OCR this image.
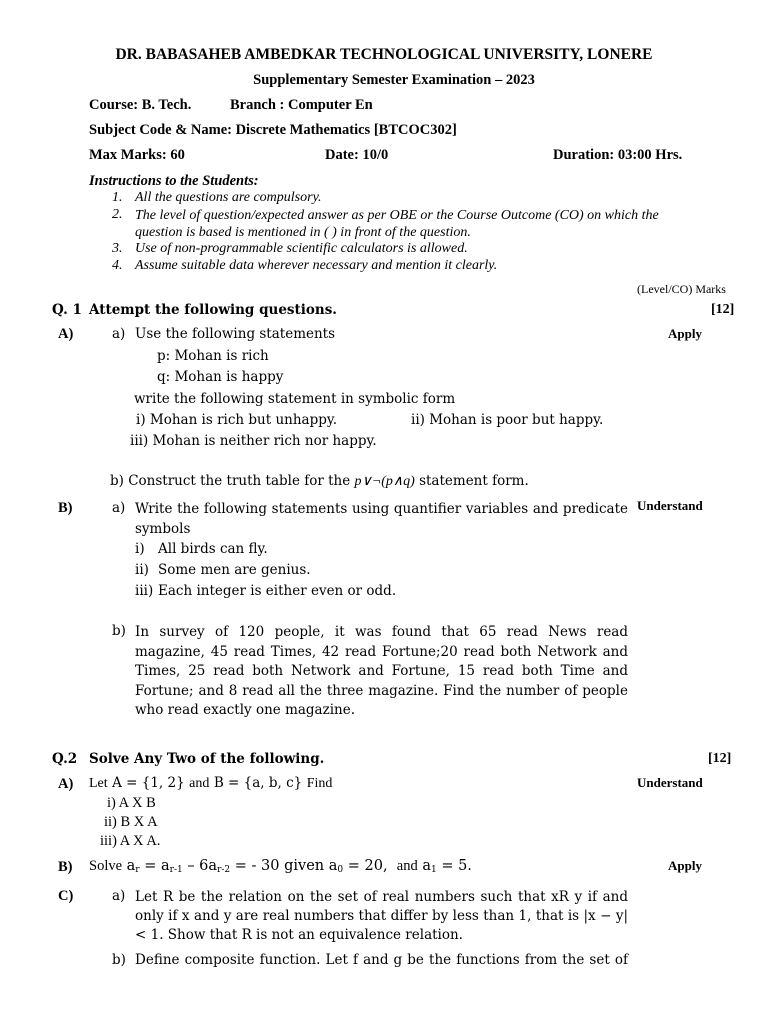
DR. BABASAHEB AMBEDKAR TECHNOLOGICAL UNIVERSITY, LONERE
Supplementary Semester Examination – 2023
Course: B. Tech.	Branch : Computer En
Subject Code & Name: Discrete Mathematics [BTCOC302]
Max Marks: 60	Date: 10/0	Duration: 03:00 Hrs.
Instructions to the Students:
1. All the questions are compulsory.
2. The level of question/expected answer as per OBE or the Course Outcome (CO) on which the question is based is mentioned in ( ) in front of the question.
3. Use of non-programmable scientific calculators is allowed.
4. Assume suitable data wherever necessary and mention it clearly.
(Level/CO) Marks
Q. 1 Attempt the following questions.	[12]
A)	a) Use the following statements	Apply
p: Mohan is rich
q: Mohan is happy
write the following statement in symbolic form
i) Mohan is rich but unhappy.	ii) Mohan is poor but happy.
iii) Mohan is neither rich nor happy.
b) Construct the truth table for the p∨¬(p∧q) statement form.
B)	a) Write the following statements using quantifier variables and predicate symbols
Understand
i) All birds can fly.
ii) Some men are genius.
iii) Each integer is either even or odd.
b) In survey of 120 people, it was found that 65 read News read magazine, 45 read Times, 42 read Fortune;20 read both Network and Times, 25 read both Network and Fortune, 15 read both Time and Fortune; and 8 read all the three magazine. Find the number of people who read exactly one magazine.
Q.2 Solve Any Two of the following.	[12]
A) Let A = {1, 2} and B = {a, b, c} Find	Understand
i) A X B
ii) B X A
iii) A X A.
B) Solve $a_r = a_{r-1} - 6a_{r-2}$ = - 30 given $a_0 = 20$,  and $a_1 = 5$.	Apply
C)	a) Let R be the relation on the set of real numbers such that xR y if and only if x and y are real numbers that differ by less than 1, that is |x − y| < 1. Show that R is not an equivalence relation.
b) Define composite function. Let f and g be the functions from the set of
